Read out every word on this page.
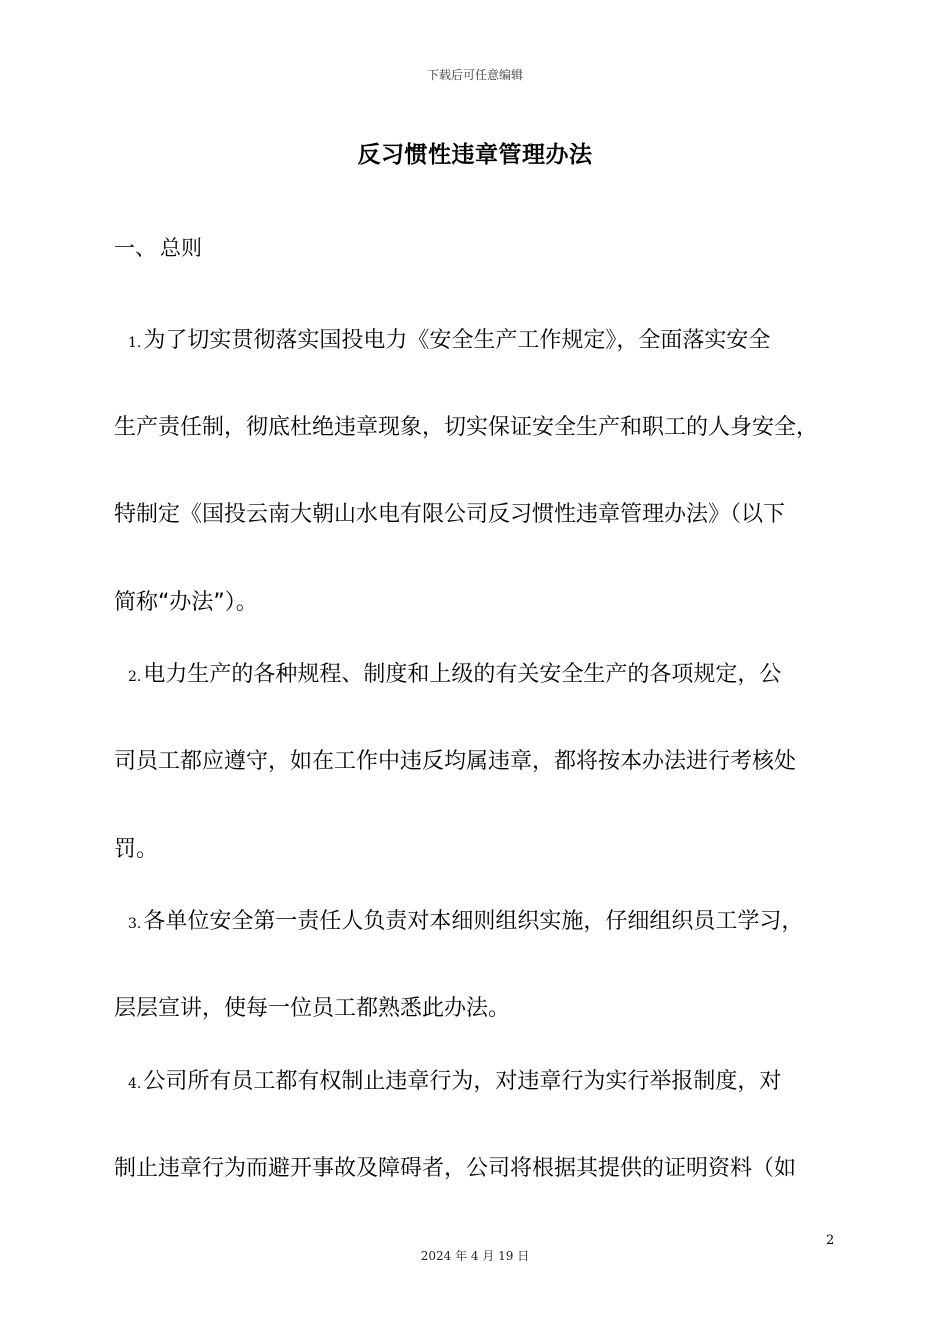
下载后可任意编辑
反习惯性违章管理办法
一、 总则
1.为了切实贯彻落实国投电力《安全生产工作规定》，全面落实安全
生产责任制，彻底杜绝违章现象，切实保证安全生产和职工的人身安全，
特制定《国投云南大朝山水电有限公司反习惯性违章管理办法》（以下
简称“办法”）。
2.电力生产的各种规程、制度和上级的有关安全生产的各项规定，公
司员工都应遵守，如在工作中违反均属违章，都将按本办法进行考核处
罚。
3.各单位安全第一责任人负责对本细则组织实施，仔细组织员工学习，
层层宣讲，使每一位员工都熟悉此办法。
4.公司所有员工都有权制止违章行为，对违章行为实行举报制度，对
制止违章行为而避开事故及障碍者，公司将根据其提供的证明资料（如
2
2024 年 4 月 19 日
